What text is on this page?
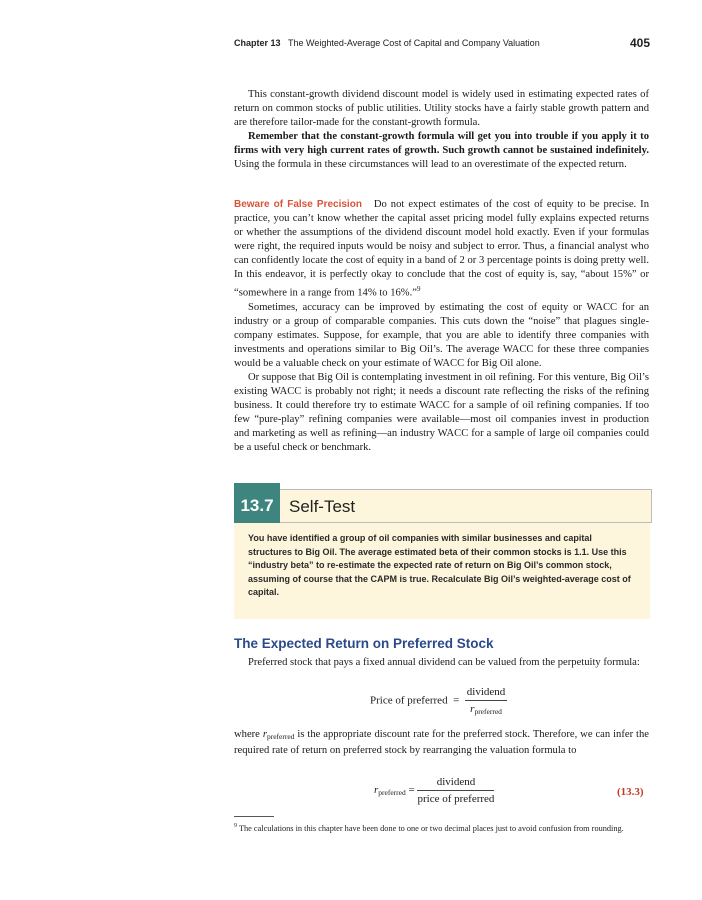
Chapter 13 The Weighted-Average Cost of Capital and Company Valuation	405

This constant-growth dividend discount model is widely used in estimating expected rates of return on common stocks of public utilities. Utility stocks have a fairly stable growth pattern and are therefore tailor-made for the constant-growth formula.

Remember that the constant-growth formula will get you into trouble if you apply it to firms with very high current rates of growth. Such growth cannot be sustained indefinitely. Using the formula in these circumstances will lead to an overestimate of the expected return.

Beware of False Precision Do not expect estimates of the cost of equity to be precise. In practice, you can’t know whether the capital asset pricing model fully explains expected returns or whether the assumptions of the dividend discount model hold exactly. Even if your formulas were right, the required inputs would be noisy and subject to error. Thus, a financial analyst who can confidently locate the cost of equity in a band of 2 or 3 percentage points is doing pretty well. In this endeavor, it is perfectly okay to conclude that the cost of equity is, say, “about 15%” or “somewhere in a range from 14% to 16%.”$^9$

Sometimes, accuracy can be improved by estimating the cost of equity or WACC for an industry or a group of comparable companies. This cuts down the “noise” that plagues single-company estimates. Suppose, for example, that you are able to identify three companies with investments and operations similar to Big Oil’s. The average WACC for these three companies would be a valuable check on your estimate of WACC for Big Oil alone.

Or suppose that Big Oil is contemplating investment in oil refining. For this venture, Big Oil’s existing WACC is probably not right; it needs a discount rate reflecting the risks of the refining business. It could therefore try to estimate WACC for a sample of oil refining companies. If too few “pure-play” refining companies were available—most oil companies invest in production and marketing as well as refining—an industry WACC for a sample of large oil companies could be a useful check or benchmark.

13.7 Self-Test
You have identified a group of oil companies with similar businesses and capital structures to Big Oil. The average estimated beta of their common stocks is 1.1. Use this “industry beta” to re-estimate the expected rate of return on Big Oil’s common stock, assuming of course that the CAPM is true. Recalculate Big Oil’s weighted-average cost of capital.
The Expected Return on Preferred Stock

Preferred stock that pays a fixed annual dividend can be valued from the perpetuity formula:

Price of preferred = $\frac{\text{dividend}}{r_{preferred}}$

where $r_{preferred}$ is the appropriate discount rate for the preferred stock. Therefore, we can infer the required rate of return on preferred stock by rearranging the valuation formula to

$r_{preferred} = \frac{\text{dividend}}{\text{price of preferred}}$	(13.3)
$^9$ The calculations in this chapter have been done to one or two decimal places just to avoid confusion from rounding.
